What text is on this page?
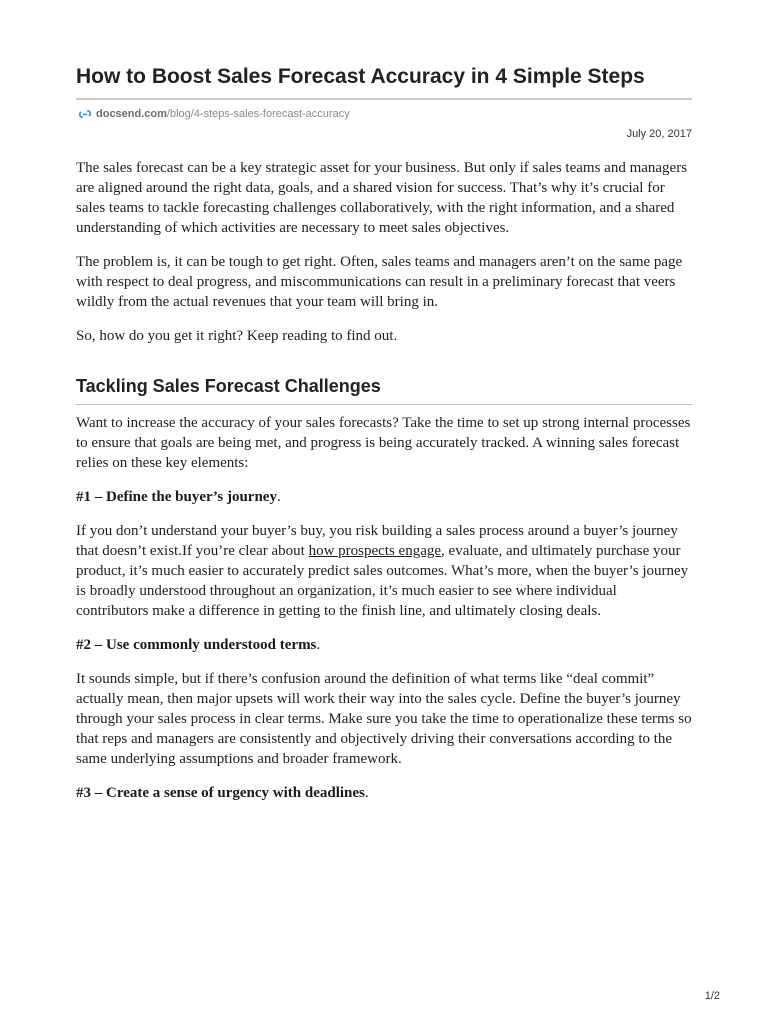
How to Boost Sales Forecast Accuracy in 4 Simple Steps
docsend.com /blog/4-steps-sales-forecast-accuracy
July 20, 2017

The sales forecast can be a key strategic asset for your business. But only if sales teams and managers are aligned around the right data, goals, and a shared vision for success. That’s why it’s crucial for sales teams to tackle forecasting challenges collaboratively, with the right information, and a shared understanding of which activities are necessary to meet sales objectives.

The problem is, it can be tough to get right. Often, sales teams and managers aren’t on the same page with respect to deal progress, and miscommunications can result in a preliminary forecast that veers wildly from the actual revenues that your team will bring in.

So, how do you get it right? Keep reading to find out.

Tackling Sales Forecast Challenges

Want to increase the accuracy of your sales forecasts? Take the time to set up strong internal processes to ensure that goals are being met, and progress is being accurately tracked. A winning sales forecast relies on these key elements:

#1 – Define the buyer’s journey.

If you don’t understand your buyer’s buy, you risk building a sales process around a buyer’s journey that doesn’t exist.If you’re clear about how prospects engage, evaluate, and ultimately purchase your product, it’s much easier to accurately predict sales outcomes. What’s more, when the buyer’s journey is broadly understood throughout an organization, it’s much easier to see where individual contributors make a difference in getting to the finish line, and ultimately closing deals.

#2 – Use commonly understood terms.

It sounds simple, but if there’s confusion around the definition of what terms like “deal commit” actually mean, then major upsets will work their way into the sales cycle. Define the buyer’s journey through your sales process in clear terms. Make sure you take the time to operationalize these terms so that reps and managers are consistently and objectively driving their conversations according to the same underlying assumptions and broader framework.

#3 – Create a sense of urgency with deadlines.
1/2
